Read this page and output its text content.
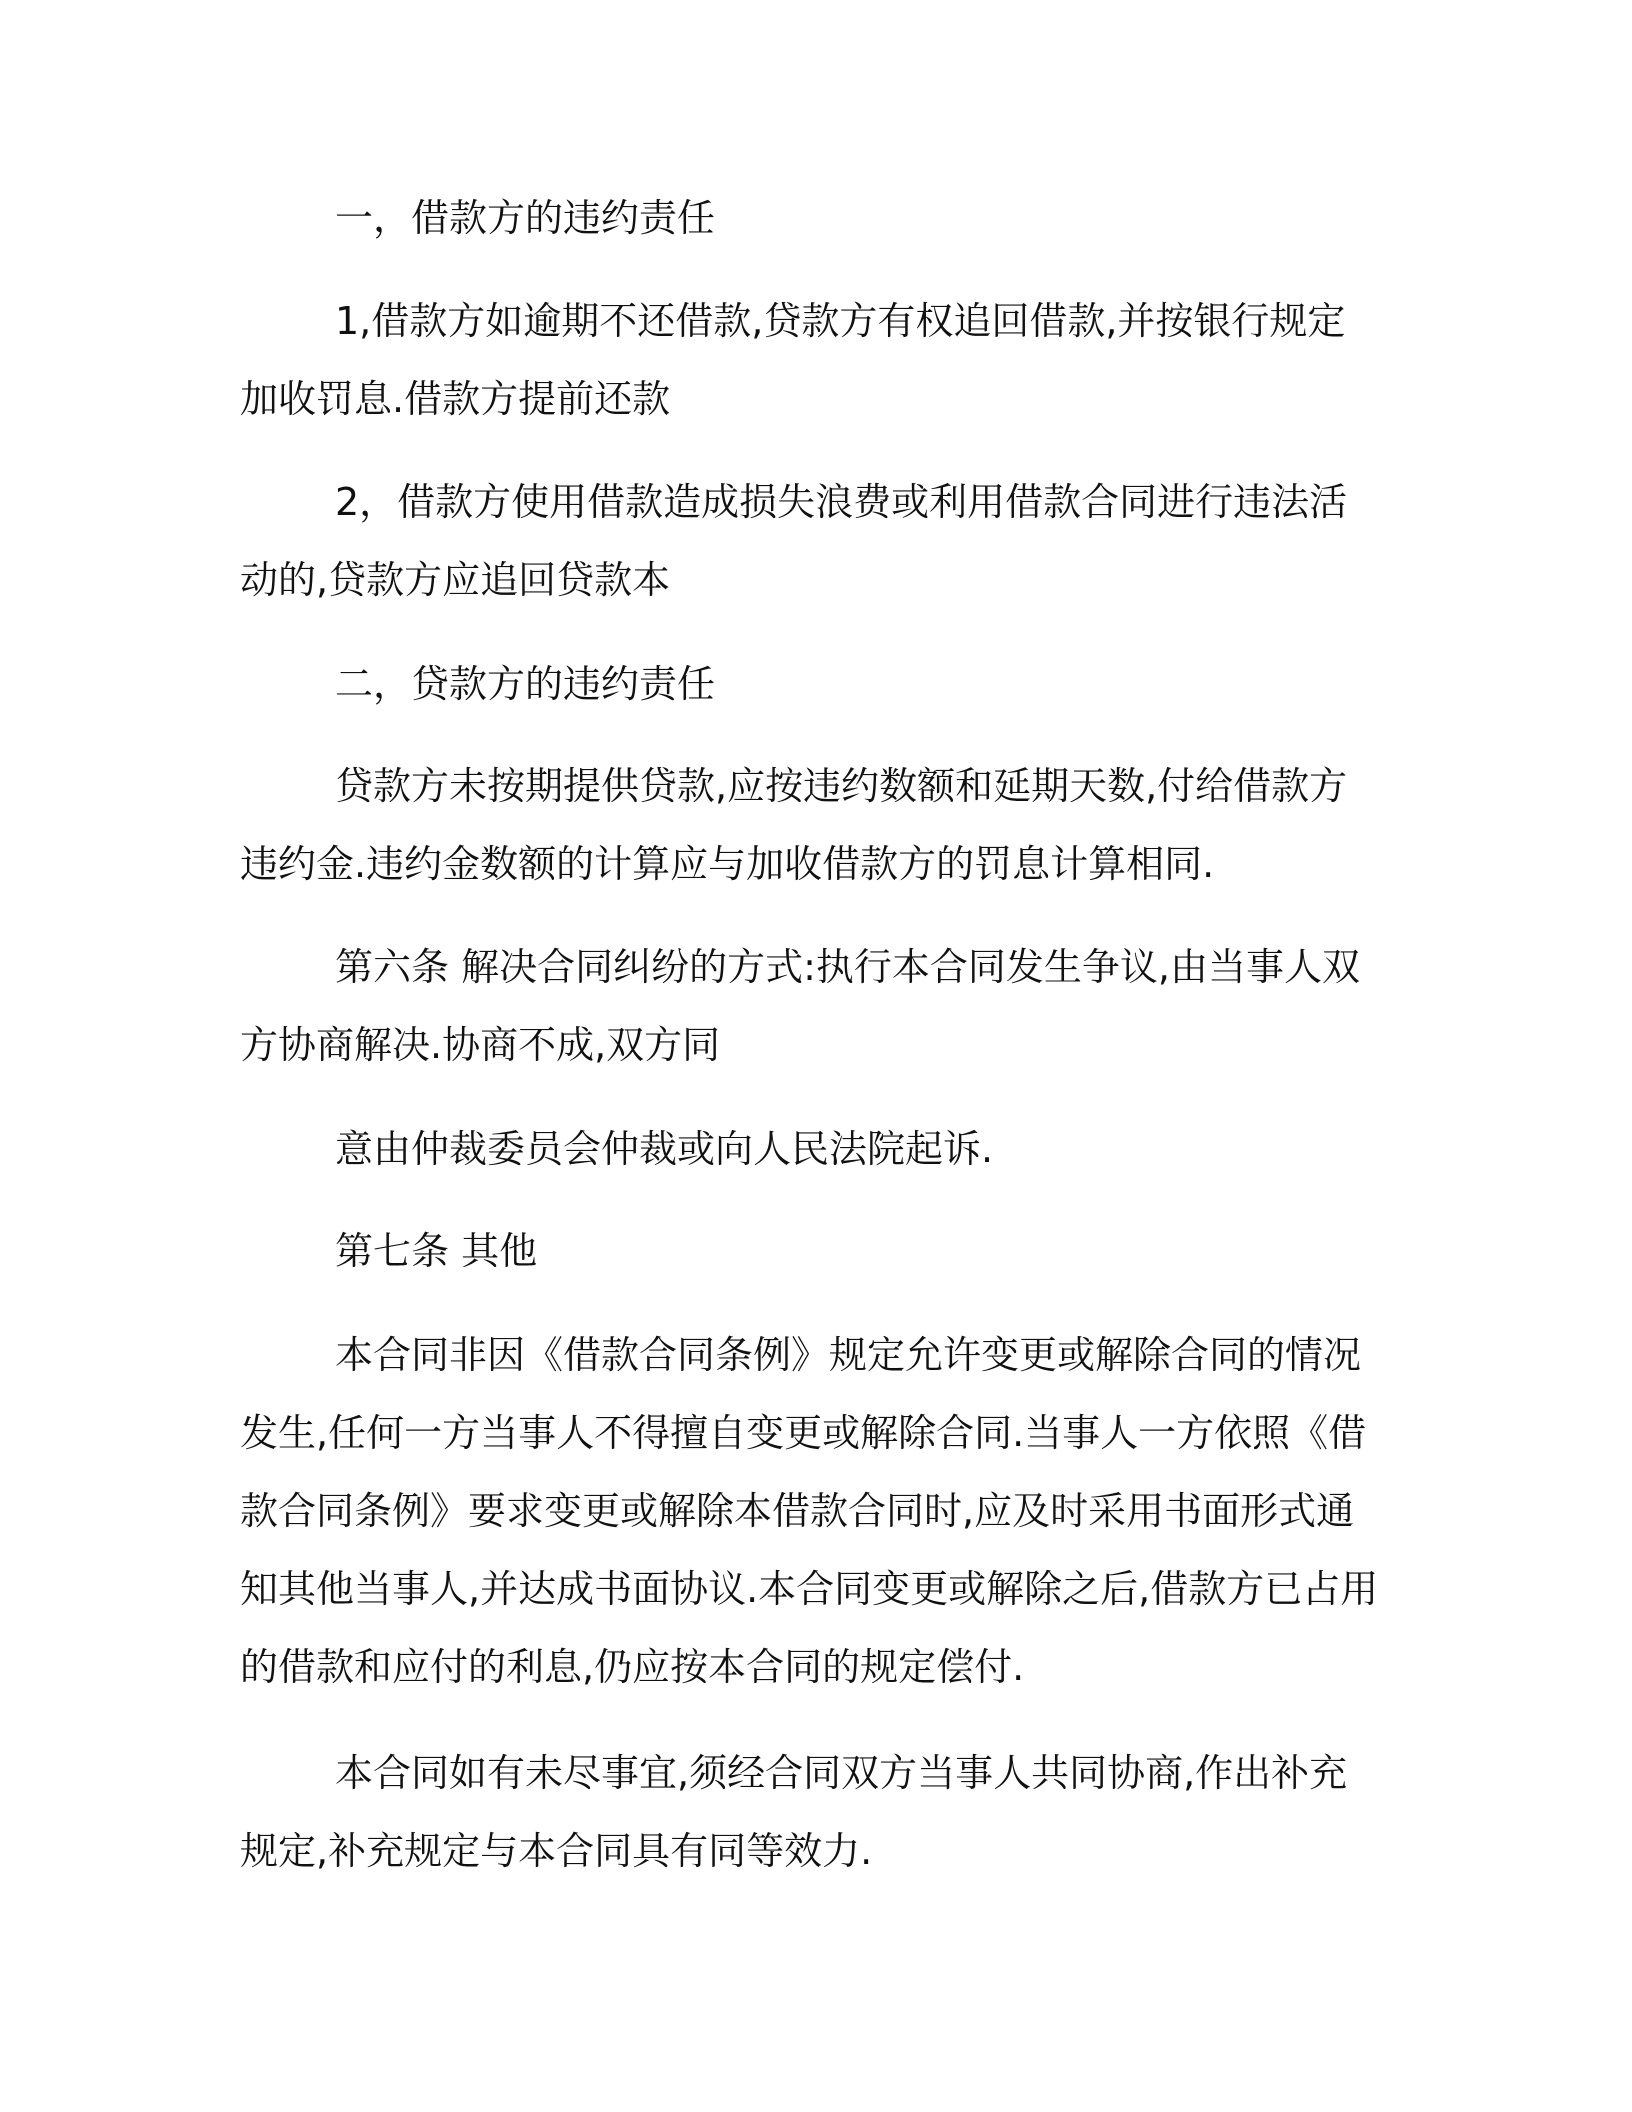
一，借款方的违约责任
1,借款方如逾期不还借款,贷款方有权追回借款,并按银行规定加收罚息.借款方提前还款
2，借款方使用借款造成损失浪费或利用借款合同进行违法活动的,贷款方应追回贷款本
二，贷款方的违约责任
贷款方未按期提供贷款,应按违约数额和延期天数,付给借款方违约金.违约金数额的计算应与加收借款方的罚息计算相同.
第六条 解决合同纠纷的方式:执行本合同发生争议,由当事人双方协商解决.协商不成,双方同
意由仲裁委员会仲裁或向人民法院起诉.
第七条 其他
本合同非因《借款合同条例》规定允许变更或解除合同的情况发生,任何一方当事人不得擅自变更或解除合同.当事人一方依照《借款合同条例》要求变更或解除本借款合同时,应及时采用书面形式通知其他当事人,并达成书面协议.本合同变更或解除之后,借款方已占用的借款和应付的利息,仍应按本合同的规定偿付.
本合同如有未尽事宜,须经合同双方当事人共同协商,作出补充规定,补充规定与本合同具有同等效力.
